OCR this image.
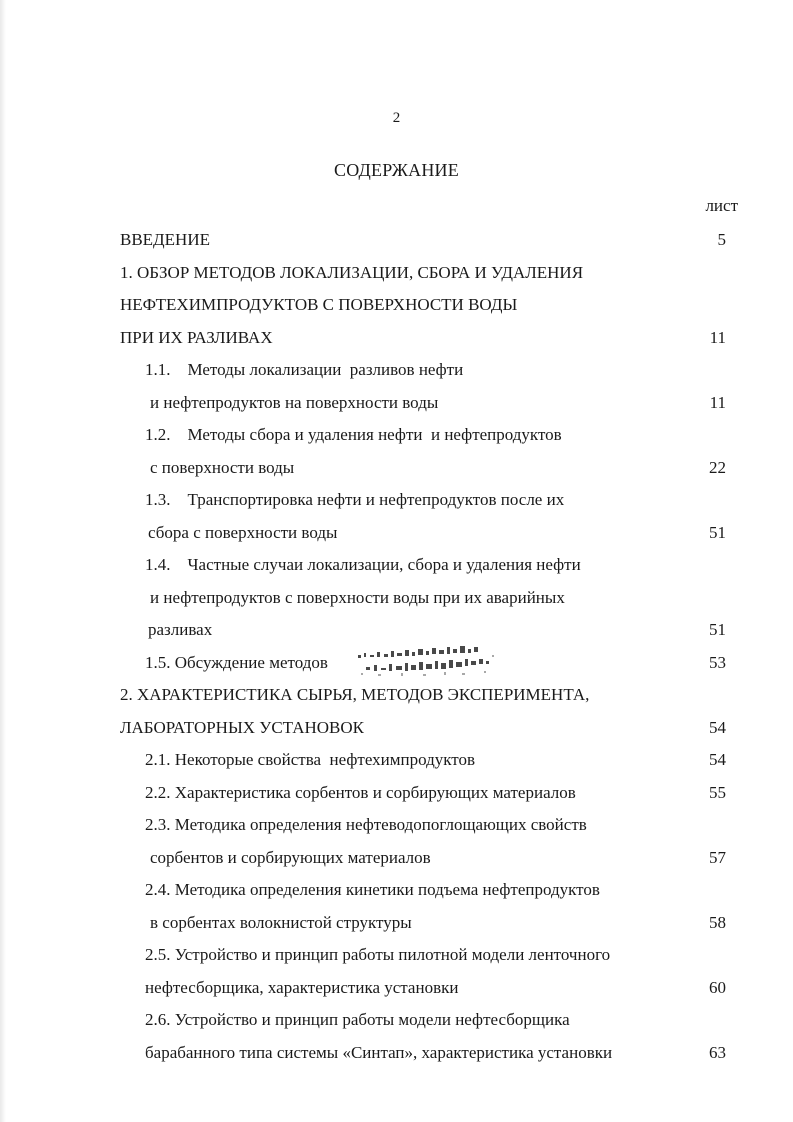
2
СОДЕРЖАНИЕ
лист
ВВЕДЕНИЕ	5
1. ОБЗОР МЕТОДОВ ЛОКАЛИЗАЦИИ, СБОРА И УДАЛЕНИЯ
НЕФТЕХИМПРОДУКТОВ С ПОВЕРХНОСТИ ВОДЫ
ПРИ ИХ РАЗЛИВАХ	11
1.1.    Методы локализации  разливов нефти
и нефтепродуктов на поверхности воды	11
1.2.    Методы сбора и удаления нефти  и нефтепродуктов
с поверхности воды	22
1.3.    Транспортировка нефти и нефтепродуктов после их
сбора с поверхности воды	51
1.4.    Частные случаи локализации, сбора и удаления нефти
и нефтепродуктов с поверхности воды при их аварийных
разливах	51
1.5. Обсуждение методов	53
2. ХАРАКТЕРИСТИКА СЫРЬЯ, МЕТОДОВ ЭКСПЕРИМЕНТА,
ЛАБОРАТОРНЫХ УСТАНОВОК	54
2.1. Некоторые свойства  нефтехимпродуктов	54
2.2. Характеристика сорбентов и сорбирующих материалов	55
2.3. Методика определения нефтеводопоглощающих свойств
сорбентов и сорбирующих материалов	57
2.4. Методика определения кинетики подъема нефтепродуктов
в сорбентах волокнистой структуры	58
2.5. Устройство и принцип работы пилотной модели ленточного
нефтесборщика, характеристика установки	60
2.6. Устройство и принцип работы модели нефтесборщика
барабанного типа системы «Синтап», характеристика установки	63
